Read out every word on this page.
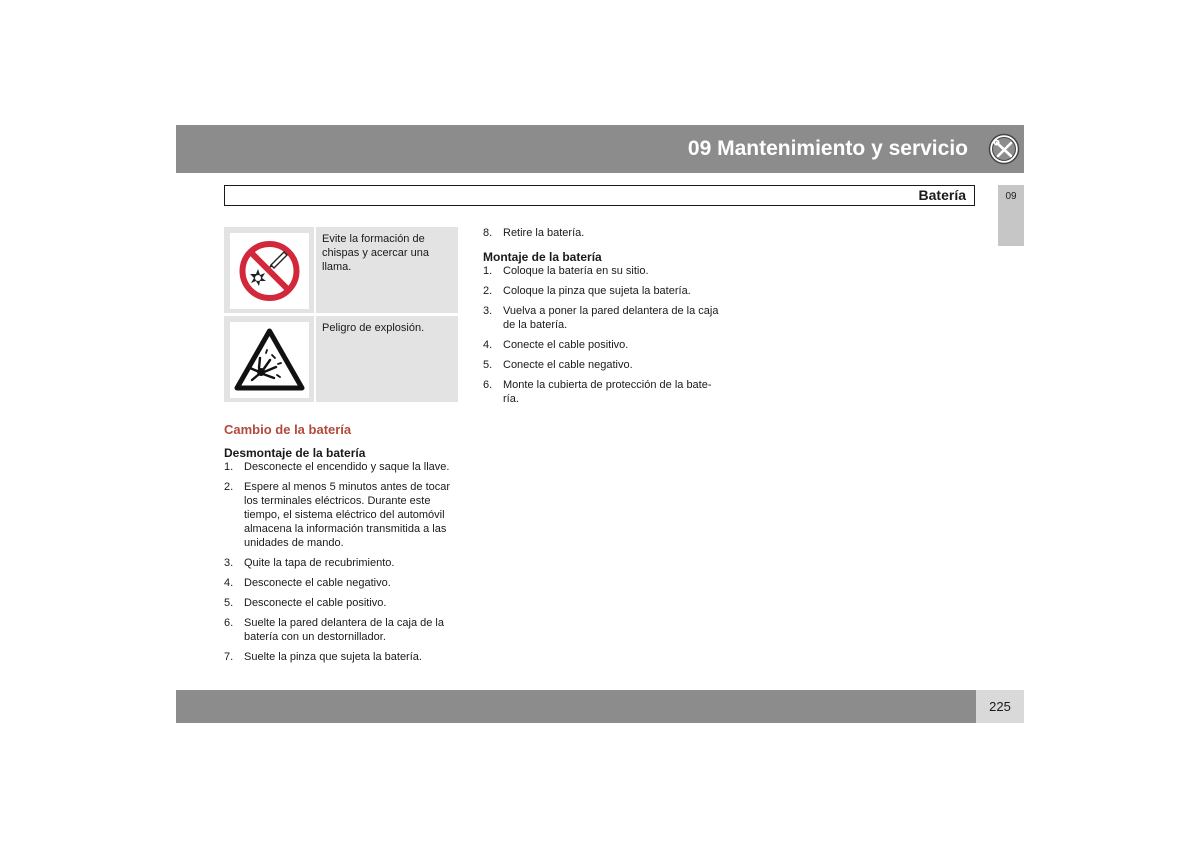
09 Mantenimiento y servicio
Batería	09
Evite la formación de chispas y acercar una llama.
Peligro de explosión.
Cambio de la batería
Desmontaje de la batería
1. Desconecte el encendido y saque la llave.
2. Espere al menos 5 minutos antes de tocar los terminales eléctricos. Durante este tiempo, el sistema eléctrico del automóvil almacena la información transmitida a las unidades de mando.
3. Quite la tapa de recubrimiento.
4. Desconecte el cable negativo.
5. Desconecte el cable positivo.
6. Suelte la pared delantera de la caja de la batería con un destornillador.
7. Suelte la pinza que sujeta la batería.
8. Retire la batería.
Montaje de la batería
1. Coloque la batería en su sitio.
2. Coloque la pinza que sujeta la batería.
3. Vuelva a poner la pared delantera de la caja de la batería.
4. Conecte el cable positivo.
5. Conecte el cable negativo.
6. Monte la cubierta de protección de la bate-ría.
225
